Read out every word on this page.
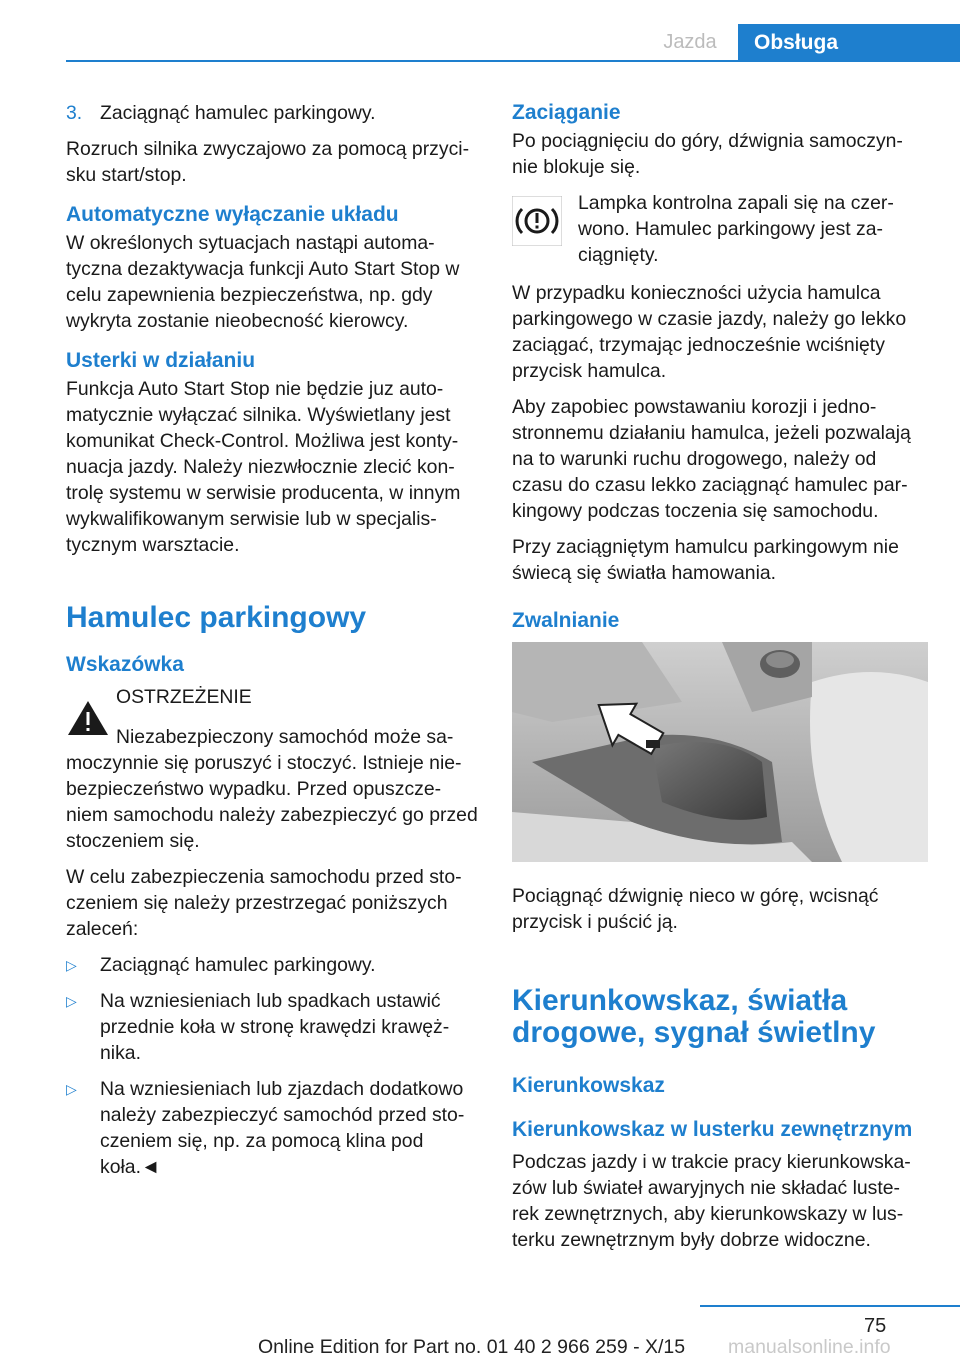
Jazda	Obsługa
3. Zaciągnąć hamulec parkingowy.

Rozruch silnika zwyczajowo za pomocą przyci-sku start/stop.

Automatyczne wyłączanie układu

W określonych sytuacjach nastąpi automa-tyczna dezaktywacja funkcji Auto Start Stop w celu zapewnienia bezpieczeństwa, np. gdy wykryta zostanie nieobecność kierowcy.

Usterki w działaniu

Funkcja Auto Start Stop nie będzie juz auto-matycznie wyłączać silnika. Wyświetlany jest komunikat Check-Control. Możliwa jest konty-nuacja jazdy. Należy niezwłocznie zlecić kon-trolę systemu w serwisie producenta, w innym wykwalifikowanym serwisie lub w specjalis-tycznym warsztacie.

Hamulec parkingowy
Wskazówka
OSTRZEŻENIE

Niezabezpieczony samochód może sa-moczynnie się poruszyć i stoczyć. Istnieje nie-bezpieczeństwo wypadku. Przed opuszcze-niem samochodu należy zabezpieczyć go przed stoczeniem się.

W celu zabezpieczenia samochodu przed sto-czeniem się należy przestrzegać poniższych zaleceń:

▷	Zaciągnąć hamulec parkingowy.
▷	Na wzniesieniach lub spadkach ustawić przednie koła w stronę krawędzi krawęż-nika.
▷	Na wzniesieniach lub zjazdach dodatkowo należy zabezpieczyć samochód przed sto-czeniem się, np. za pomocą klina pod koła.◄
Zaciąganie

Po pociągnięciu do góry, dźwignia samoczyn-nie blokuje się.

Lampka kontrolna zapali się na czer-wono. Hamulec parkingowy jest za-ciągnięty.

W przypadku konieczności użycia hamulca parkingowego w czasie jazdy, należy go lekko zaciągać, trzymając jednocześnie wciśnięty przycisk hamulca.

Aby zapobiec powstawaniu korozji i jedno-stronnemu działaniu hamulca, jeżeli pozwalają na to warunki ruchu drogowego, należy od czasu do czasu lekko zaciągnąć hamulec par-kingowy podczas toczenia się samochodu.

Przy zaciągniętym hamulcu parkingowym nie świecą się światła hamowania.

Zwalnianie

Pociągnąć dźwignię nieco w górę, wcisnąć przycisk i puścić ją.

Kierunkowskaz, światła drogowe, sygnał świetlny
Kierunkowskaz
Kierunkowskaz w lusterku zewnętrznym

Podczas jazdy i w trakcie pracy kierunkowska-zów lub świateł awaryjnych nie składać luste-rek zewnętrznych, aby kierunkowskazy w lus-terku zewnętrznym były dobrze widoczne.

75
Online Edition for Part no. 01 40 2 966 259 - X/15 manualsonline.info
